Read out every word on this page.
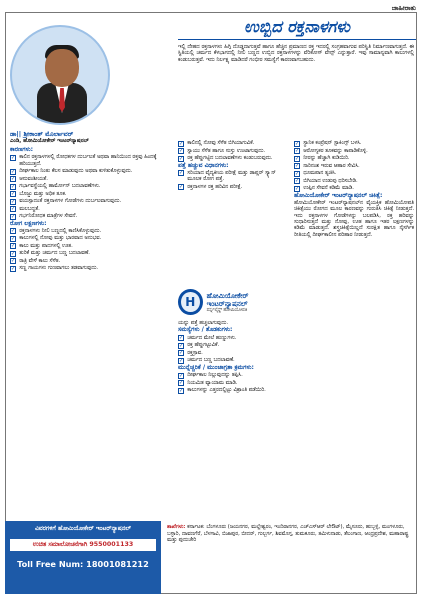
ಜಾಹೀರಾತು
ಉಬ್ಬಿದ ರಕ್ತನಾಳಗಳು
ಡಾ|| ಶ್ರೀಕಾಂತ್ ಮೊರ್ಲಾವರ್
ಎಂಡಿ, ಹೋಮಿಯೋಕೇರ್ ಇಂಟರ್‌ನ್ಯಾಷನಲ್

ಇಲ್ಲಿ ದೇಹದ ರಕ್ತನಾಳಗಳು ಹಿಗ್ಗಿ ದೊಡ್ಡದಾಗುತ್ತವೆ ಹಾಗೂ ಹೆಚ್ಚಿನ ಪ್ರಮಾಣದ ರಕ್ತ ಇದರಲ್ಲಿ ಸಂಗ್ರಹವಾಗುವ ಪರಿಸ್ಥಿತಿ ನಿರ್ಮಾಣವಾಗುತ್ತದೆ. ಈ ಸ್ಥಿತಿಯಲ್ಲಿ ಚರ್ಮದ ಕೆಳಭಾಗದಲ್ಲಿ ನೀಲಿ ಬಣ್ಣದ ಉಬ್ಬಿದ ರಕ್ತನಾಳಗಳನ್ನು ವೆರಿಕೋಸ್ ವೇನ್ಸ್ ಎನ್ನುತ್ತಾರೆ. ಇವು ಸಾಮಾನ್ಯವಾಗಿ ಕಾಲುಗಳಲ್ಲಿ ಕಂಡುಬರುತ್ತವೆ. ಇದು ನಿರ್ಲಕ್ಷ್ಯ ಮಾಡಿದರೆ ಗಂಭೀರ ಸಮಸ್ಯೆಗೆ ಕಾರಣವಾಗಬಹುದು.

ಕಾರಣಗಳು:
✓ ಕಾಲಿನ ರಕ್ತನಾಳಗಳಲ್ಲಿ ರೋಧಕಗಳ ದುರ್ಬಲತೆ ಅಥವಾ ಹಾನಿಯಿಂದ ರಕ್ತವು ಹಿಂದಕ್ಕೆ ಹರಿಯುತ್ತದೆ.
✓ ದೀರ್ಘಕಾಲ ನಿಂತು ಕೆಲಸ ಮಾಡುವುದು ಅಥವಾ ಕುಳಿತುಕೊಳ್ಳುವುದು.
✓ ಆನುವಂಶೀಯತೆ.
✓ ಗರ್ಭಾವಸ್ಥೆಯಲ್ಲಿ ಹಾರ್ಮೋನ್ ಬದಲಾವಣೆಗಳು.
✓ ಬೊಜ್ಜು ಮತ್ತು ಅಧಿಕ ತೂಕ.
✓ ವಯಸ್ಸಾದಂತೆ ರಕ್ತನಾಳಗಳ ಗೋಡೆಗಳು ದುರ್ಬಲವಾಗುವುದು.
✓ ಮಲಬದ್ಧತೆ.
✓ ಗರ್ಭನಿರೋಧಕ ಮಾತ್ರೆಗಳ ಸೇವನೆ.
ರೋಗ ಲಕ್ಷಣಗಳು:
✓ ರಕ್ತನಾಳಗಳು ನೀಲಿ ಬಣ್ಣದಲ್ಲಿ ಕಾಣಿಸಿಕೊಳ್ಳುವುದು.
✓ ಕಾಲುಗಳಲ್ಲಿ ನೋವು ಮತ್ತು ಭಾರವಾದ ಅನುಭವ.
✓ ಕಾಲು ಮತ್ತು ಪಾದಗಳಲ್ಲಿ ಊತ.
✓ ತುರಿಕೆ ಮತ್ತು ಚರ್ಮದ ಬಣ್ಣ ಬದಲಾವಣೆ.
✓ ರಾತ್ರಿ ವೇಳೆ ಕಾಲು ಸೆಳೆತ.
✓ ಸಣ್ಣ ಗಾಯಗಳು ಗುಣವಾಗಲು ತಡವಾಗುವುದು.
✓ ಕಾಲಿನಲ್ಲಿ ನೋವು ಸೆಳೆತ ಬಿಗಿಯಾಗುವಿಕೆ.
✓ ಸ್ನಾಯು ಸೆಳೆತ ಹಾಗೂ ಸುಸ್ತು ಉಂಟಾಗುವುದು.
✓ ರಕ್ತ ಹೆಪ್ಪುಗಟ್ಟಿದ ಬದಲಾವಣೆಗಳು ಕಂಡುಬರುವುದು.
ಪತ್ತೆ ಹಚ್ಚುವ ವಿಧಾನಗಳು:
✓ ಸರಿಯಾದ ವೈದ್ಯಕೀಯ ಪರೀಕ್ಷೆ ಮತ್ತು ಡಾಪ್ಲರ್ ಸ್ಕ್ಯಾನ್ ಮೂಲಕ ರೋಗ ಪತ್ತೆ.
✓ ರಕ್ತನಾಳಗಳ ರಕ್ತ ಹರಿವಿನ ಪರೀಕ್ಷೆ.
H
ಹೋಮಿಯೋಕೇರ್ ಇಂಟರ್‌ನ್ಯಾಷನಲ್
ಪರ್ಸ್ನಲೈಸ್ಡ್ ಹೋಮಿಯೋಪತಿ

ಯನ್ನು ಪತ್ತೆ ಹಚ್ಚಲಾಗುವುದು.

ಸಮಸ್ಯೆಗಳು / ತೊಡಕುಗಳು:
✓ ಚರ್ಮದ ಮೇಲೆ ಹುಣ್ಣುಗಳು.
✓ ರಕ್ತ ಹೆಪ್ಪುಗಟ್ಟುವಿಕೆ.
✓ ರಕ್ತಸ್ರಾವ.
✓ ಚರ್ಮದ ಬಣ್ಣ ಬದಲಾವಣೆ.
ಮುನ್ನೆಚ್ಚರಿಕೆ / ಮುಂಜಾಗ್ರತಾ ಕ್ರಮಗಳು:
✓ ದೀರ್ಘಕಾಲ ನಿಲ್ಲುವುದನ್ನು ತಪ್ಪಿಸಿ.
✓ ನಿಯಮಿತ ವ್ಯಾಯಾಮ ಮಾಡಿ.
✓ ಕಾಲುಗಳನ್ನು ಎತ್ತರದಲ್ಲಿಟ್ಟು ವಿಶ್ರಾಂತಿ ಪಡೆಯಿರಿ.
✓ ಸ್ಥಾನಿಕ ಕಂಪ್ರೆಷನ್ ಸ್ಟಾಕಿಂಗ್ಸ್ ಬಳಸಿ.
✓ ಆರೋಗ್ಯಕರ ತೂಕವನ್ನು ಕಾಪಾಡಿಕೊಳ್ಳಿ.
✓ ನೀರನ್ನು ಹೆಚ್ಚಾಗಿ ಕುಡಿಯಿರಿ.
✓ ನಾರಿನಂಶ ಇರುವ ಆಹಾರ ಸೇವಿಸಿ.
✓ ಧೂಮಪಾನ ತ್ಯಜಿಸಿ.
✓ ಬಿಗಿಯಾದ ಉಡುಪು ಧರಿಸಬೇಡಿ.
✓ ಉಪ್ಪಿನ ಸೇವನೆ ಕಡಿಮೆ ಮಾಡಿ.
ಹೋಮಿಯೋಕೇರ್ ಇಂಟರ್‌ನ್ಯಾಷನಲ್ ಚಿಕಿತ್ಸೆ:

ಹೋಮಿಯೋಕೇರ್ ಇಂಟರ್‌ನ್ಯಾಷನಲ್‌ನ ವೈಯಕ್ತಿಕ ಹೋಮಿಯೋಪತಿ ಚಿಕಿತ್ಸೆಯು ರೋಗದ ಮೂಲ ಕಾರಣವನ್ನು ಗುರುತಿಸಿ ಚಿಕಿತ್ಸೆ ನೀಡುತ್ತದೆ. ಇದು ರಕ್ತನಾಳಗಳ ಗೋಡೆಗಳನ್ನು ಬಲಪಡಿಸಿ, ರಕ್ತ ಹರಿವನ್ನು ಸುಧಾರಿಸುತ್ತದೆ ಮತ್ತು ನೋವು, ಊತ ಹಾಗೂ ಇತರ ಲಕ್ಷಣಗಳನ್ನು ಕಡಿಮೆ ಮಾಡುತ್ತದೆ. ಶಸ್ತ್ರಚಿಕಿತ್ಸೆಯಿಲ್ಲದೆ ಸುರಕ್ಷಿತ ಹಾಗೂ ನೈಸರ್ಗಿಕ ರೀತಿಯಲ್ಲಿ ದೀರ್ಘಕಾಲೀನ ಪರಿಹಾರ ನೀಡುತ್ತದೆ.

ವಿವರಗಳಿಗೆ ಹೋಮಿಯೋಕೇರ್ ಇಂಟರ್‌ನ್ಯಾಷನಲ್
ಉಚಿತ ಸಮಾಲೋಚನೆಗಾಗಿ 9550001133
Toll Free Num: 18001081212
ಶಾಖೆಗಳು: ಕರ್ನಾಟಕ: ಬೆಂಗಳೂರು (ಜಯನಗರ, ಮಲ್ಲೇಶ್ವರಂ, ಇಂದಿರಾನಗರ, ಎಚ್‌ಎಸ್‌ಆರ್ ಲೇಔಟ್), ಮೈಸೂರು, ಹುಬ್ಬಳ್ಳಿ, ಮಂಗಳೂರು, ಬಳ್ಳಾರಿ, ದಾವಣಗೆರೆ, ಬೆಳಗಾವಿ, ಬಿಜಾಪುರ, ಬೀದರ್, ಗುಲ್ಬರ್ಗ, ಶಿವಮೊಗ್ಗ, ತುಮಕೂರು, ತಮಿಳುನಾಡು, ತೆಲಂಗಾಣ, ಆಂಧ್ರಪ್ರದೇಶ, ಮಹಾರಾಷ್ಟ್ರ ಮತ್ತು ಪುದುಚೇರಿ
